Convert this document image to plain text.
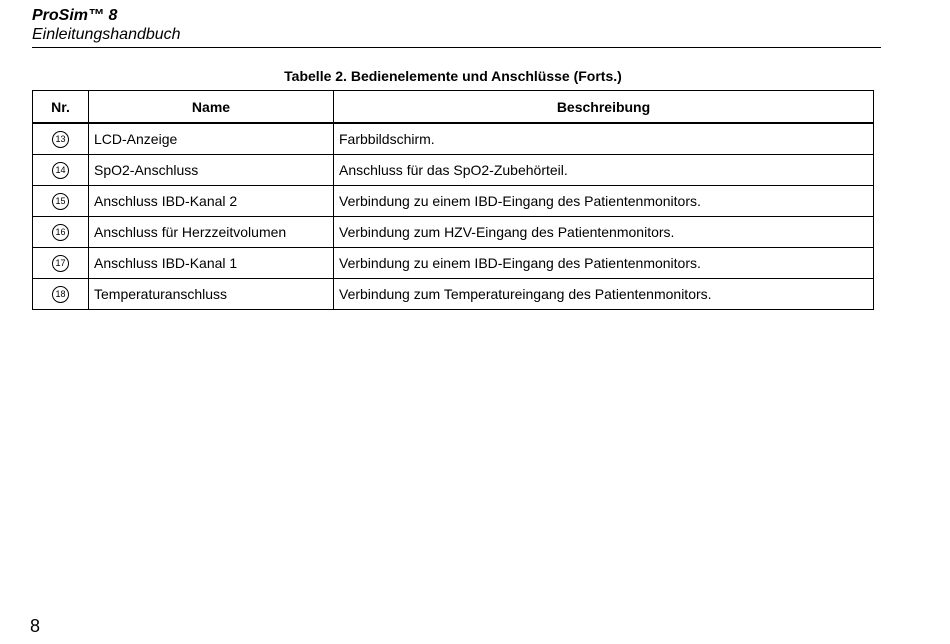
ProSim™ 8
Einleitungshandbuch
Tabelle 2. Bedienelemente und Anschlüsse (Forts.)
Nr.	Name	Beschreibung
13	LCD-Anzeige	Farbbildschirm.
14	SpO2-Anschluss	Anschluss für das SpO2-Zubehörteil.
15	Anschluss IBD-Kanal 2	Verbindung zu einem IBD-Eingang des Patientenmonitors.
16	Anschluss für Herzzeitvolumen	Verbindung zum HZV-Eingang des Patientenmonitors.
17	Anschluss IBD-Kanal 1	Verbindung zu einem IBD-Eingang des Patientenmonitors.
18	Temperaturanschluss	Verbindung zum Temperatureingang des Patientenmonitors.
8
